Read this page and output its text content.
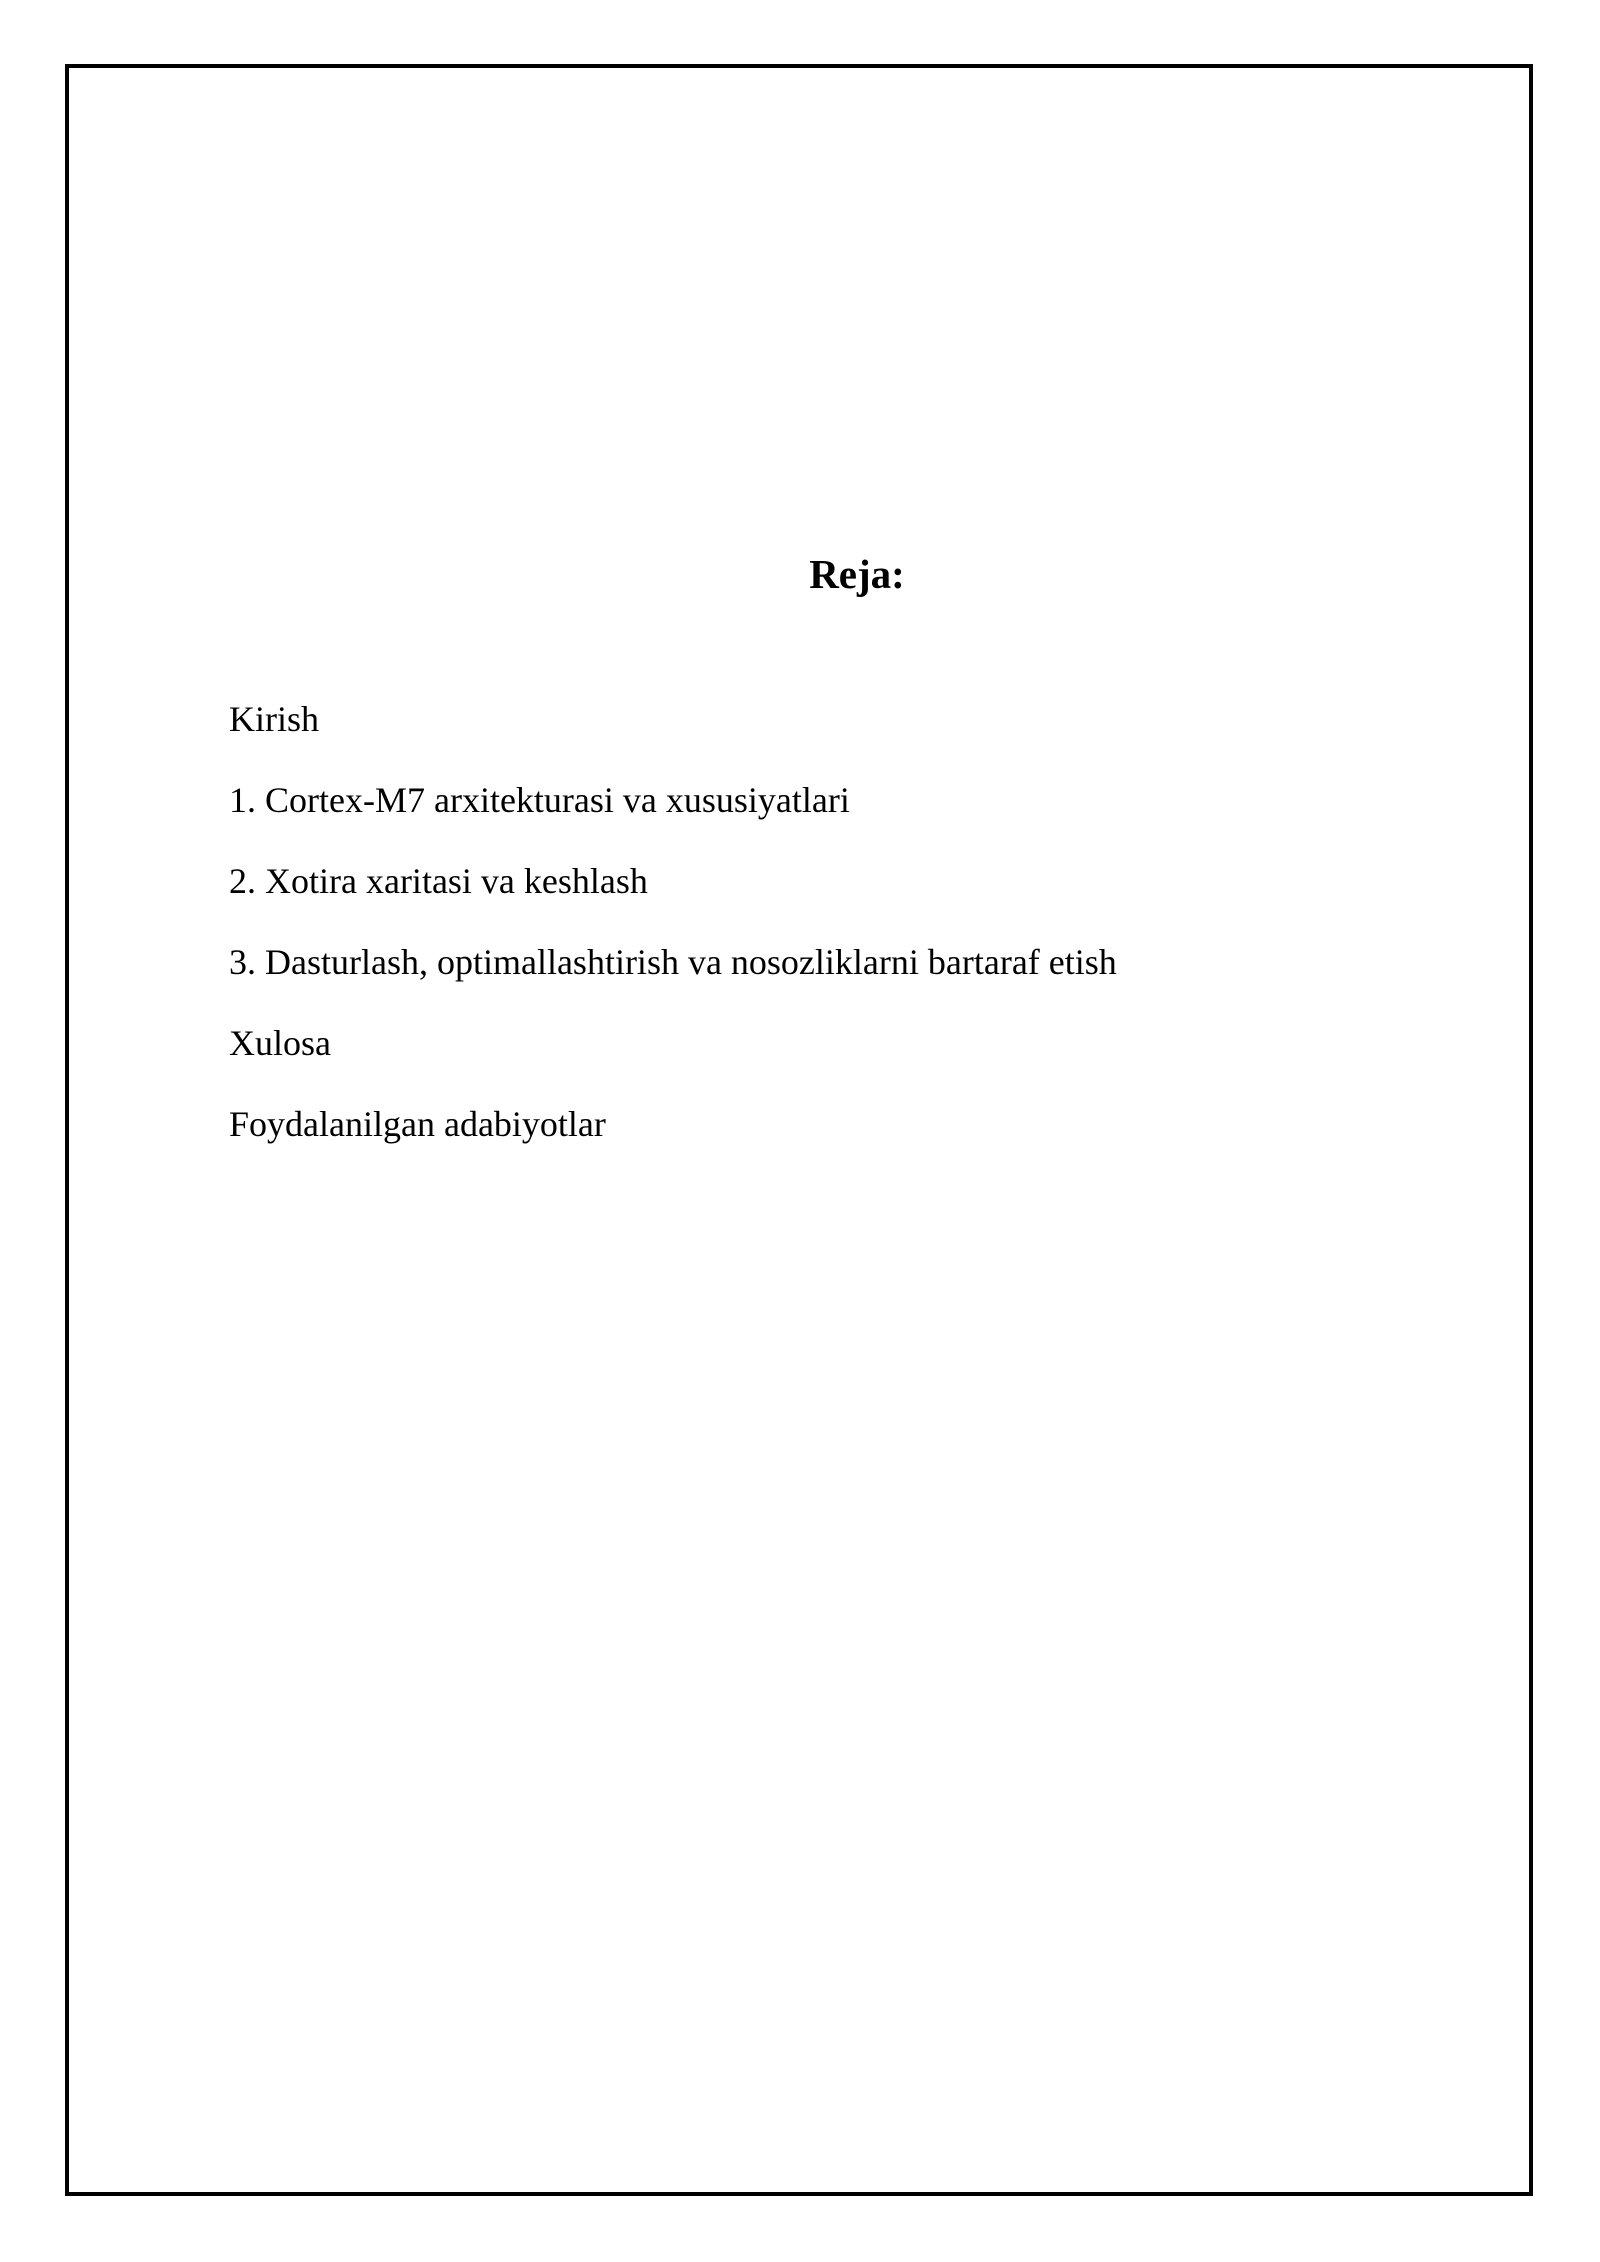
Reja:
Kirish
1. Cortex-M7 arxitekturasi va xususiyatlari
2. Xotira xaritasi va keshlash
3. Dasturlash, optimallashtirish va nosozliklarni bartaraf etish
Xulosa
Foydalanilgan adabiyotlar
